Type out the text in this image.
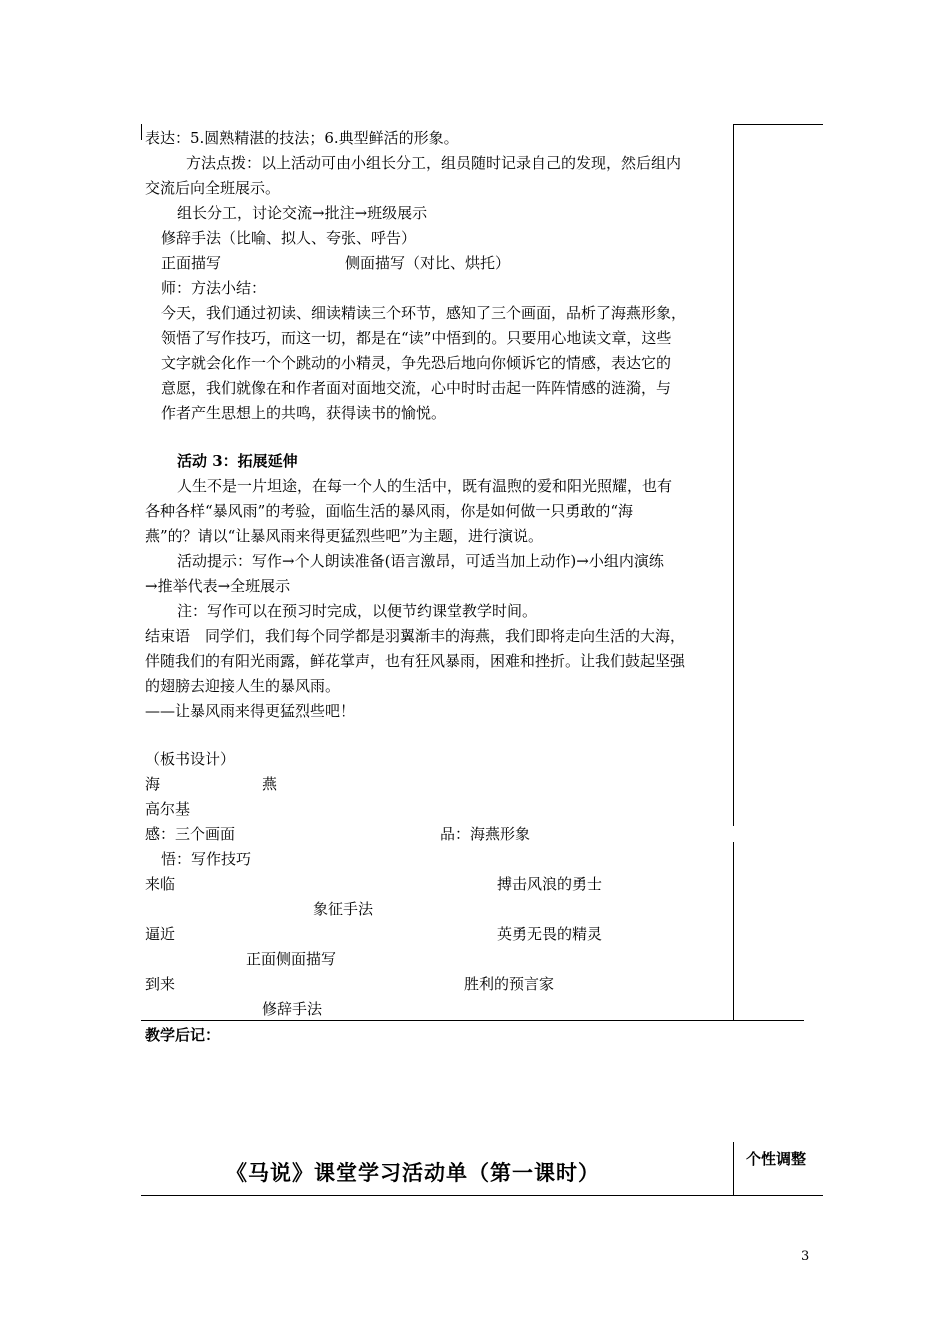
表达：5.圆熟精湛的技法；6.典型鲜活的形象。
方法点拨：以上活动可由小组长分工，组员随时记录自己的发现，然后组内
交流后向全班展示。
组长分工，讨论交流→批注→班级展示
修辞手法（比喻、拟人、夸张、呼告）
正面描写	侧面描写（对比、烘托）
师：方法小结：
今天，我们通过初读、细读精读三个环节，感知了三个画面，品析了海燕形象，
领悟了写作技巧，而这一切，都是在“读”中悟到的。只要用心地读文章，这些
文字就会化作一个个跳动的小精灵，争先恐后地向你倾诉它的情感，表达它的
意愿，我们就像在和作者面对面地交流，心中时时击起一阵阵情感的涟漪，与
作者产生思想上的共鸣，获得读书的愉悦。
活动 3：拓展延伸
人生不是一片坦途，在每一个人的生活中，既有温煦的爱和阳光照耀，也有
各种各样“暴风雨”的考验，面临生活的暴风雨，你是如何做一只勇敢的“海
燕”的？请以“让暴风雨来得更猛烈些吧”为主题，进行演说。
活动提示：写作→个人朗读准备(语言激昂，可适当加上动作)→小组内演练
→推举代表→全班展示
注：写作可以在预习时完成，以便节约课堂教学时间。
结束语　同学们，我们每个同学都是羽翼渐丰的海燕，我们即将走向生活的大海，
伴随我们的有阳光雨露，鲜花掌声，也有狂风暴雨，困难和挫折。让我们鼓起坚强
的翅膀去迎接人生的暴风雨。
——让暴风雨来得更猛烈些吧！
（板书设计）
海	燕
高尔基
感：三个画面	品：海燕形象
悟：写作技巧
来临	搏击风浪的勇士
象征手法
逼近	英勇无畏的精灵
正面侧面描写
到来	胜利的预言家
修辞手法
教学后记：
个性调整
《马说》课堂学习活动单（第一课时）
3
